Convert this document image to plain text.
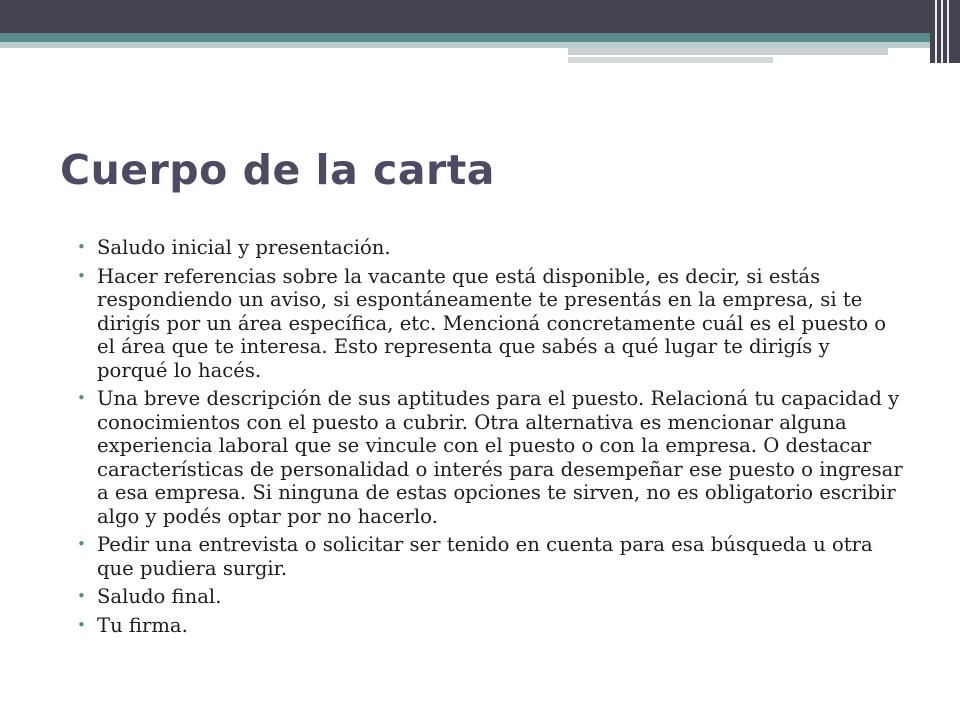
Cuerpo de la carta
• Saludo inicial y presentación.
• Hacer referencias sobre la vacante que está disponible, es decir, si estás respondiendo un aviso, si espontáneamente te presentás en la empresa, si te dirigís por un área específica, etc. Mencioná concretamente cuál es el puesto o el área que te interesa. Esto representa que sabés a qué lugar te dirigís y porqué lo hacés.
• Una breve descripción de sus aptitudes para el puesto. Relacioná tu capacidad y conocimientos con el puesto a cubrir. Otra alternativa es mencionar alguna experiencia laboral que se vincule con el puesto o con la empresa. O destacar características de personalidad o interés para desempeñar ese puesto o ingresar a esa empresa. Si ninguna de estas opciones te sirven, no es obligatorio escribir algo y podés optar por no hacerlo.
• Pedir una entrevista o solicitar ser tenido en cuenta para esa búsqueda u otra que pudiera surgir.
• Saludo final.
• Tu firma.
